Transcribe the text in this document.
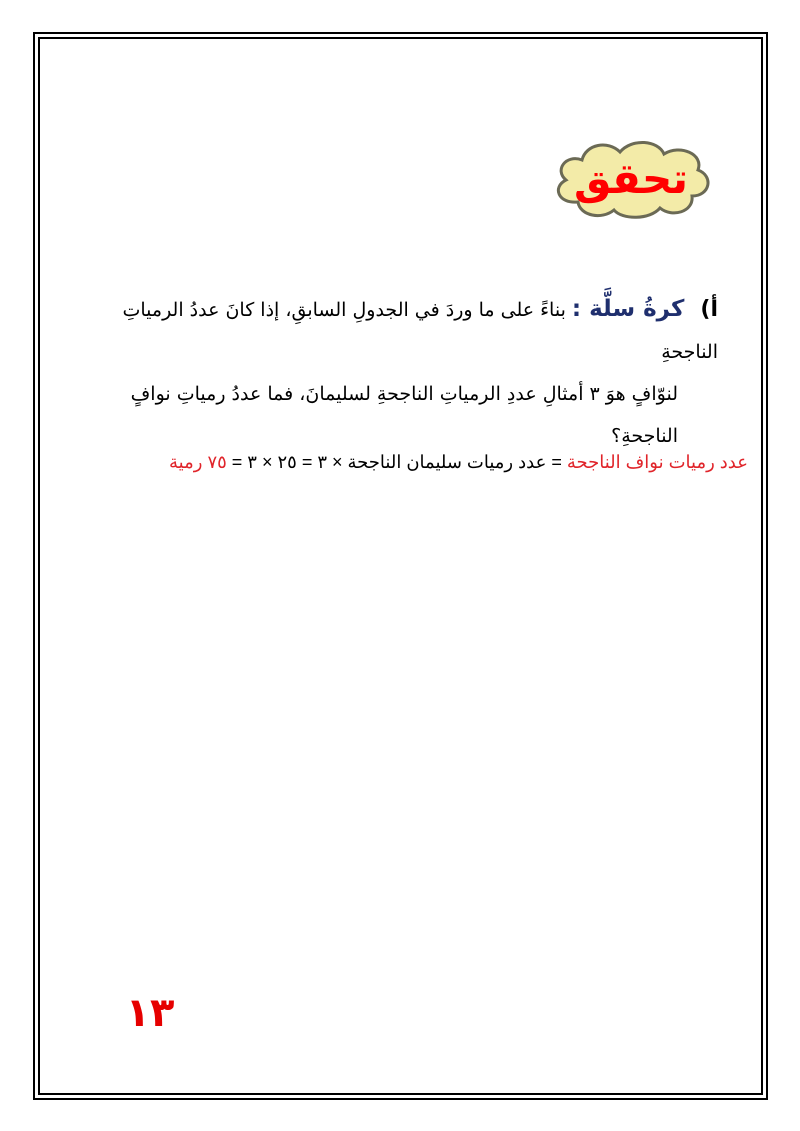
تحقق
أ) كرةُ سلَّة : بناءً على ما وردَ في الجدولِ السابقِ، إذا كانَ عددُ الرمياتِ الناجحةِ
لنوّافٍ هوَ ٣ أمثالِ عددِ الرمياتِ الناجحةِ لسليمانَ، فما عددُ رمياتِ نوافٍ
الناجحةِ؟
عدد رميات نواف الناجحة = عدد رميات سليمان الناجحة × ٣ = ٢٥ × ٣ = ٧٥ رمية
١٣
